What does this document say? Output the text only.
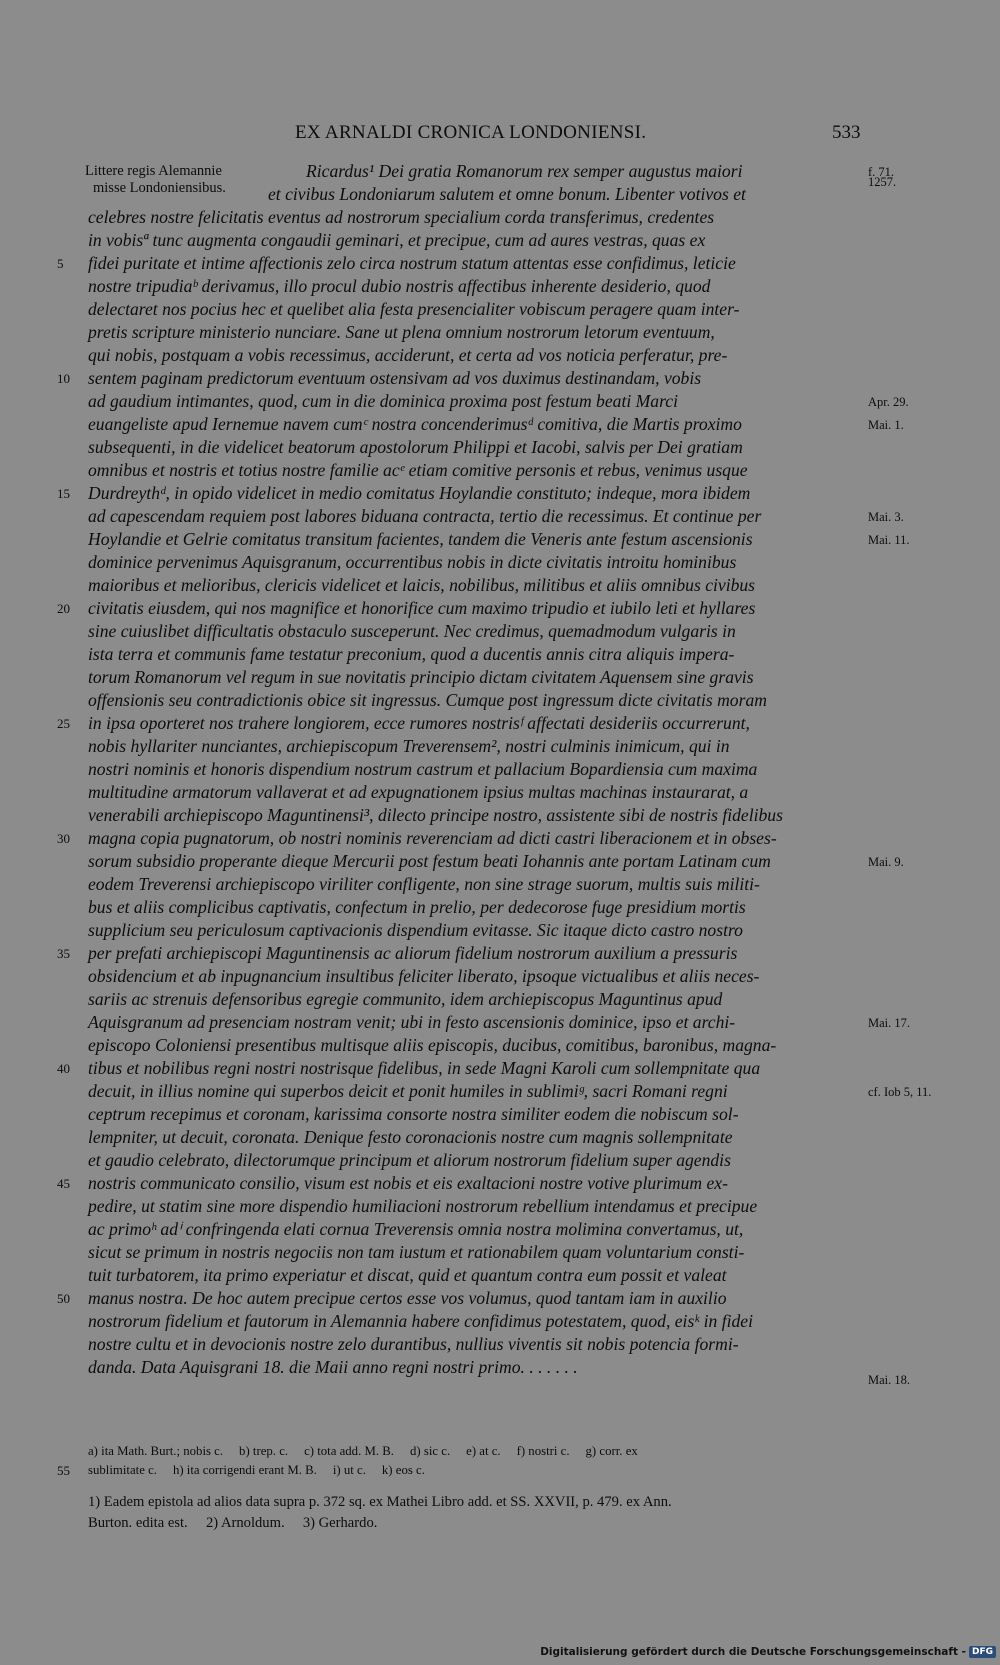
EX ARNALDI CRONICA LONDONIENSI.	533
Littere regis Alemannie
misse Londoniensibus.
Ricardus¹ Dei gratia Romanorum rex semper augustus maiori
et civibus Londoniarum salutem et omne bonum. Libenter votivos et
celebres nostre felicitatis eventus ad nostrorum specialium corda transferimus, credentes
in vobisª tunc augmenta congaudii geminari, et precipue, cum ad aures vestras, quas ex
5	fidei puritate et intime affectionis zelo circa nostrum statum attentas esse confidimus, leticie
nostre tripudiaᵇ derivamus, illo procul dubio nostris affectibus inherente desiderio, quod
delectaret nos pocius hec et quelibet alia festa presencialiter vobiscum peragere quam inter-
pretis scripture ministerio nunciare. Sane ut plena omnium nostrorum letorum eventuum,
qui nobis, postquam a vobis recessimus, acciderunt, et certa ad vos noticia perferatur, pre-
10	sentem paginam predictorum eventuum ostensivam ad vos duximus destinandam, vobis
ad gaudium intimantes, quod, cum in die dominica proxima post festum beati Marci
euangeliste apud Iernemue navem cumᶜ nostra concenderimusᵈ comitiva, die Martis proximo
subsequenti, in die videlicet beatorum apostolorum Philippi et Iacobi, salvis per Dei gratiam
omnibus et nostris et totius nostre familie acᵉ etiam comitive personis et rebus, venimus usque
15	Durdreythᵈ, in opido videlicet in medio comitatus Hoylandie constituto; indeque, mora ibidem
ad capescendam requiem post labores biduana contracta, tertio die recessimus. Et continue per
Hoylandie et Gelrie comitatus transitum facientes, tandem die Veneris ante festum ascensionis
dominice pervenimus Aquisgranum, occurrentibus nobis in dicte civitatis introitu hominibus
maioribus et melioribus, clericis videlicet et laicis, nobilibus, militibus et aliis omnibus civibus
20	civitatis eiusdem, qui nos magnifice et honorifice cum maximo tripudio et iubilo leti et hyllares
sine cuiuslibet difficultatis obstaculo susceperunt. Nec credimus, quemadmodum vulgaris in
ista terra et communis fame testatur preconium, quod a ducentis annis citra aliquis impera-
torum Romanorum vel regum in sue novitatis principio dictam civitatem Aquensem sine gravis
offensionis seu contradictionis obice sit ingressus. Cumque post ingressum dicte civitatis moram
25	in ipsa oporteret nos trahere longiorem, ecce rumores nostrisᶠ affectati desideriis occurrerunt,
nobis hyllariter nunciantes, archiepiscopum Treverensem², nostri culminis inimicum, qui in
nostri nominis et honoris dispendium nostrum castrum et pallacium Bopardiensia cum maxima
multitudine armatorum vallaverat et ad expugnationem ipsius multas machinas instaurarat, a
venerabili archiepiscopo Maguntinensi³, dilecto principe nostro, assistente sibi de nostris fidelibus
30	magna copia pugnatorum, ob nostri nominis reverenciam ad dicti castri liberacionem et in obses-
sorum subsidio properante dieque Mercurii post festum beati Iohannis ante portam Latinam cum
eodem Treverensi archiepiscopo viriliter confligente, non sine strage suorum, multis suis militi-
bus et aliis complicibus captivatis, confectum in prelio, per dedecorose fuge presidium mortis
supplicium seu periculosum captivacionis dispendium evitasse. Sic itaque dicto castro nostro
35	per prefati archiepiscopi Maguntinensis ac aliorum fidelium nostrorum auxilium a pressuris
obsidencium et ab inpugnancium insultibus feliciter liberato, ipsoque victualibus et aliis neces-
sariis ac strenuis defensoribus egregie communito, idem archiepiscopus Maguntinus apud
Aquisgranum ad presenciam nostram venit; ubi in festo ascensionis dominice, ipso et archi-
episcopo Coloniensi presentibus multisque aliis episcopis, ducibus, comitibus, baronibus, magna-
40	tibus et nobilibus regni nostri nostrisque fidelibus, in sede Magni Karoli cum sollempnitate qua
decuit, in illius nomine qui superbos deicit et ponit humiles in sublimiᵍ, sacri Romani regni
ceptrum recepimus et coronam, karissima consorte nostra similiter eodem die nobiscum sol-
lempniter, ut decuit, coronata. Denique festo coronacionis nostre cum magnis sollempnitate
et gaudio celebrato, dilectorumque principum et aliorum nostrorum fidelium super agendis
45	nostris communicato consilio, visum est nobis et eis exaltacioni nostre votive plurimum ex-
pedire, ut statim sine more dispendio humiliacioni nostrorum rebellium intendamus et precipue
ac primoʰ adⁱ confringenda elati cornua Treverensis omnia nostra molimina convertamus, ut,
sicut se primum in nostris negociis non tam iustum et rationabilem quam voluntarium consti-
tuit turbatorem, ita primo experiatur et discat, quid et quantum contra eum possit et valeat
50	manus nostra. De hoc autem precipue certos esse vos volumus, quod tantam iam in auxilio
nostrorum fidelium et fautorum in Alemannia habere confidimus potestatem, quod, eisᵏ in fidei
nostre cultu et in devocionis nostre zelo durantibus, nullius viventis sit nobis potencia formi-
danda. Data Aquisgrani 18. die Maii anno regni nostri primo. . . . . . .
f. 71.
1257.
Apr. 29.
Mai. 1.
Mai. 3.
Mai. 11.
Mai. 9.
Mai. 17.
cf. Iob 5, 11.
Mai. 18.
a) ita Math. Burt.; nobis c.     b) trep. c.     c) tota add. M. B.     d) sic c.     e) at c.     f) nostri c.     g) corr. ex
55 sublimitate c.     h) ita corrigendi erant M. B.     i) ut c.     k) eos c.
1) Eadem epistola ad alios data supra p. 372 sq. ex Mathei Libro add. et SS. XXVII, p. 479. ex Ann.
Burton. edita est.     2) Arnoldum.     3) Gerhardo.
Digitalisierung gefördert durch die Deutsche Forschungsgemeinschaft - DFG
